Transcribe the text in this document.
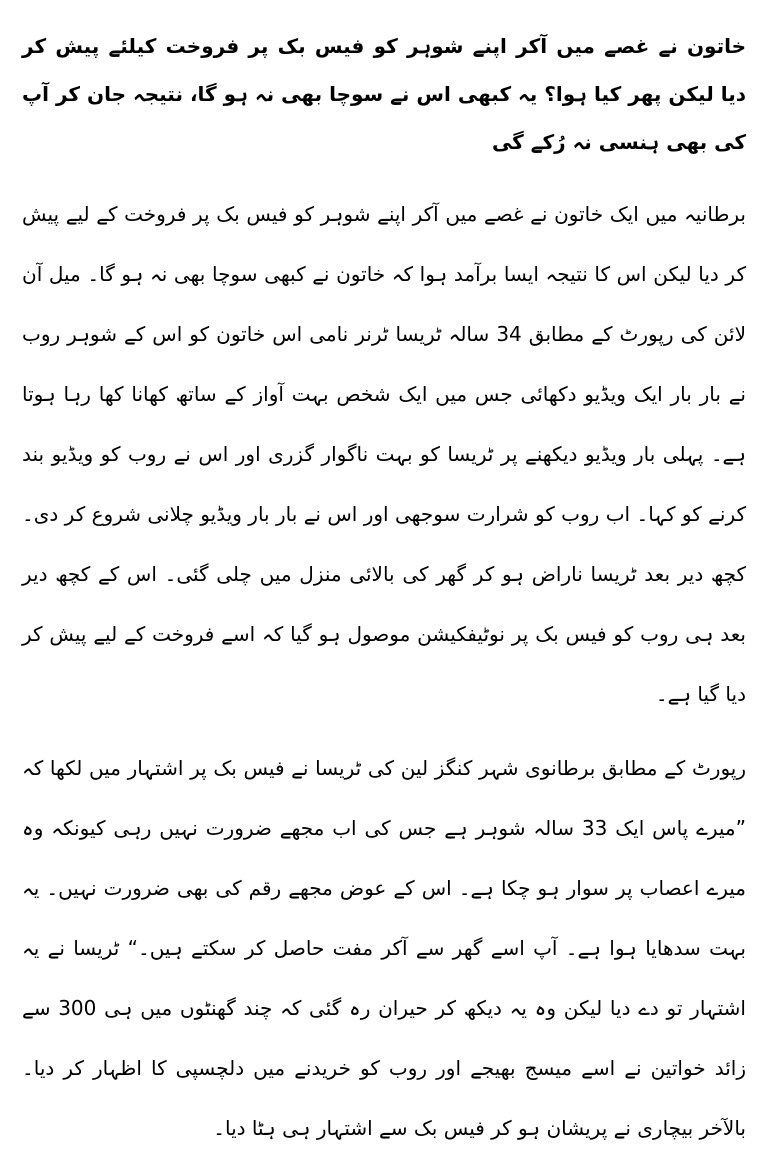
خاتون نے غصے میں آکر اپنے شوہر کو فیس بک پر فروخت کیلئے پیش کر دیا لیکن پھر کیا ہوا؟ یہ کبھی اس نے سوچا بھی نہ ہو گا، نتیجہ جان کر آپ کی بھی ہنسی نہ رُکے گی

برطانیہ میں ایک خاتون نے غصے میں آکر اپنے شوہر کو فیس بک پر فروخت کے لیے پیش کر دیا لیکن اس کا نتیجہ ایسا برآمد ہوا کہ خاتون نے کبھی سوچا بھی نہ ہو گا۔ میل آن لائن کی رپورٹ کے مطابق 34 سالہ ٹریسا ٹرنر نامی اس خاتون کو اس کے شوہر روب نے بار بار ایک ویڈیو دکھائی جس میں ایک شخص بہت آواز کے ساتھ کھانا کھا رہا ہوتا ہے۔ پہلی بار ویڈیو دیکھنے پر ٹریسا کو بہت ناگوار گزری اور اس نے روب کو ویڈیو بند کرنے کو کہا۔ اب روب کو شرارت سوجھی اور اس نے بار بار ویڈیو چلانی شروع کر دی۔ کچھ دیر بعد ٹریسا ناراض ہو کر گھر کی بالائی منزل میں چلی گئی۔ اس کے کچھ دیر بعد ہی روب کو فیس بک پر نوٹیفکیشن موصول ہو گیا کہ اسے فروخت کے لیے پیش کر دیا گیا ہے۔

رپورٹ کے مطابق برطانوی شہر کنگز لین کی ٹریسا نے فیس بک پر اشتہار میں لکھا کہ ”میرے پاس ایک 33 سالہ شوہر ہے جس کی اب مجھے ضرورت نہیں رہی کیونکہ وہ میرے اعصاب پر سوار ہو چکا ہے۔ اس کے عوض مجھے رقم کی بھی ضرورت نہیں۔ یہ بہت سدھایا ہوا ہے۔ آپ اسے گھر سے آکر مفت حاصل کر سکتے ہیں۔“ ٹریسا نے یہ اشتہار تو دے دیا لیکن وہ یہ دیکھ کر حیران رہ گئی کہ چند گھنٹوں میں ہی 300 سے زائد خواتین نے اسے میسج بھیجے اور روب کو خریدنے میں دلچسپی کا اظہار کر دیا۔ بالآخر بیچاری نے پریشان ہو کر فیس بک سے اشتہار ہی ہٹا دیا۔
